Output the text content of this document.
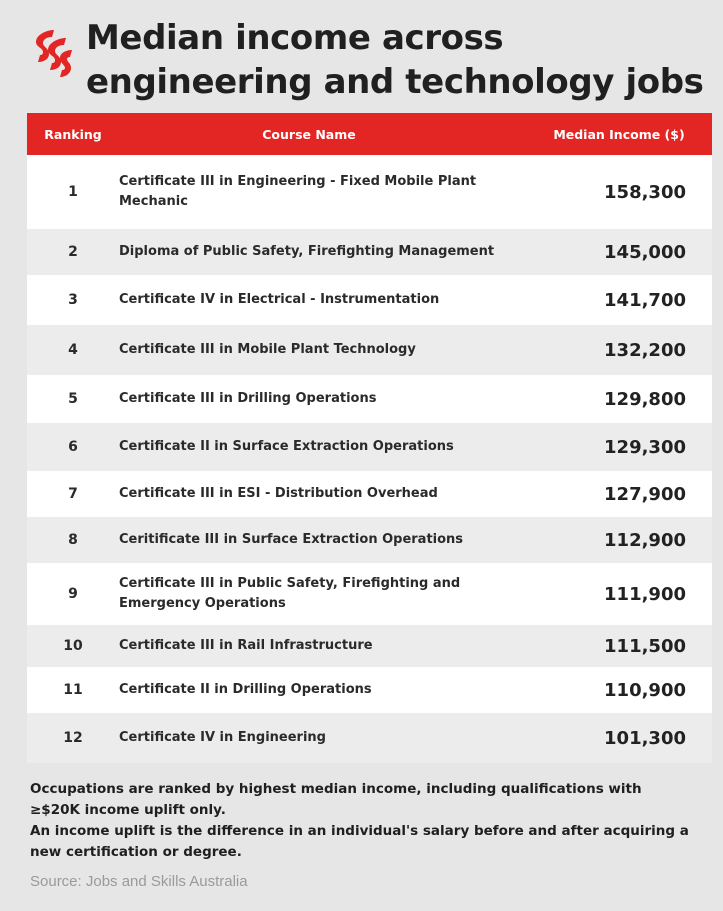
Median income across engineering and technology jobs
Ranking	Course Name	Median Income ($)
1	Certificate III in Engineering - Fixed Mobile Plant Mechanic	158,300
2	Diploma of Public Safety, Firefighting Management	145,000
3	Certificate IV in Electrical - Instrumentation	141,700
4	Certificate III in Mobile Plant Technology	132,200
5	Certificate III in Drilling Operations	129,800
6	Certificate II in Surface Extraction Operations	129,300
7	Certificate III in ESI - Distribution Overhead	127,900
8	Ceritificate III in Surface Extraction Operations	112,900
9	Certificate III in Public Safety, Firefighting and Emergency Operations	111,900
10	Certificate III in Rail Infrastructure	111,500
11	Certificate II in Drilling Operations	110,900
12	Certificate IV in Engineering	101,300

Occupations are ranked by highest median income, including qualifications with ≥$20K income uplift only.

An income uplift is the difference in an individual's salary before and after acquiring a new certification or degree.

Source: Jobs and Skills Australia
